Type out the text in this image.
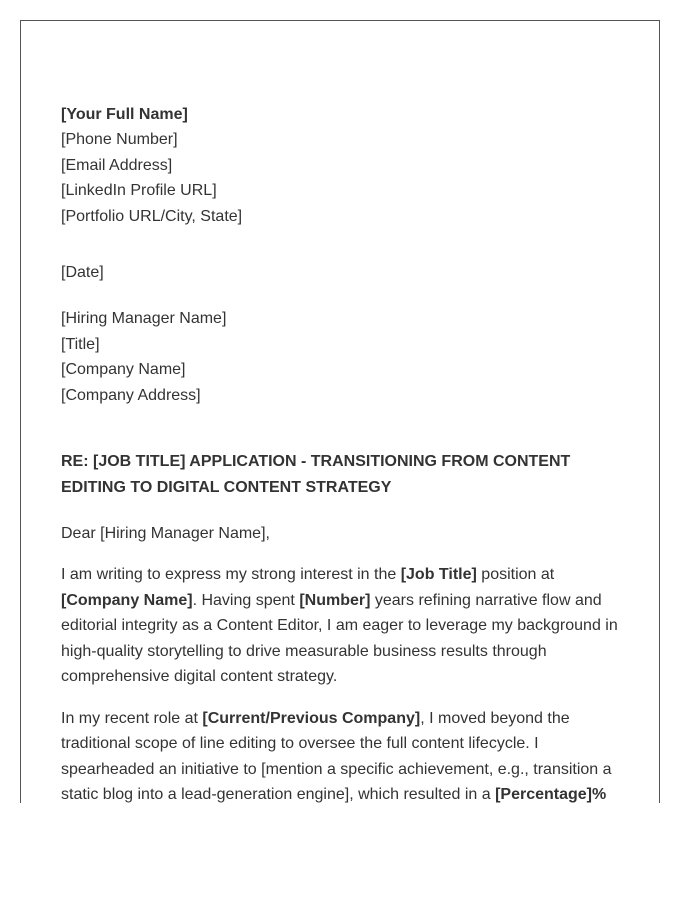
[Your Full Name]
[Phone Number]
[Email Address]
[LinkedIn Profile URL]
[Portfolio URL/City, State]
[Date]
[Hiring Manager Name]
[Title]
[Company Name]
[Company Address]
RE: [JOB TITLE] APPLICATION - TRANSITIONING FROM CONTENT
EDITING TO DIGITAL CONTENT STRATEGY
Dear [Hiring Manager Name],

I am writing to express my strong interest in the [Job Title] position at [Company Name]. Having spent [Number] years refining narrative flow and editorial integrity as a Content Editor, I am eager to leverage my background in high-quality storytelling to drive measurable business results through comprehensive digital content strategy.

In my recent role at [Current/Previous Company], I moved beyond the traditional scope of line editing to oversee the full content lifecycle. I spearheaded an initiative to [mention a specific achievement, e.g., transition a static blog into a lead-generation engine], which resulted in a [Percentage]%
